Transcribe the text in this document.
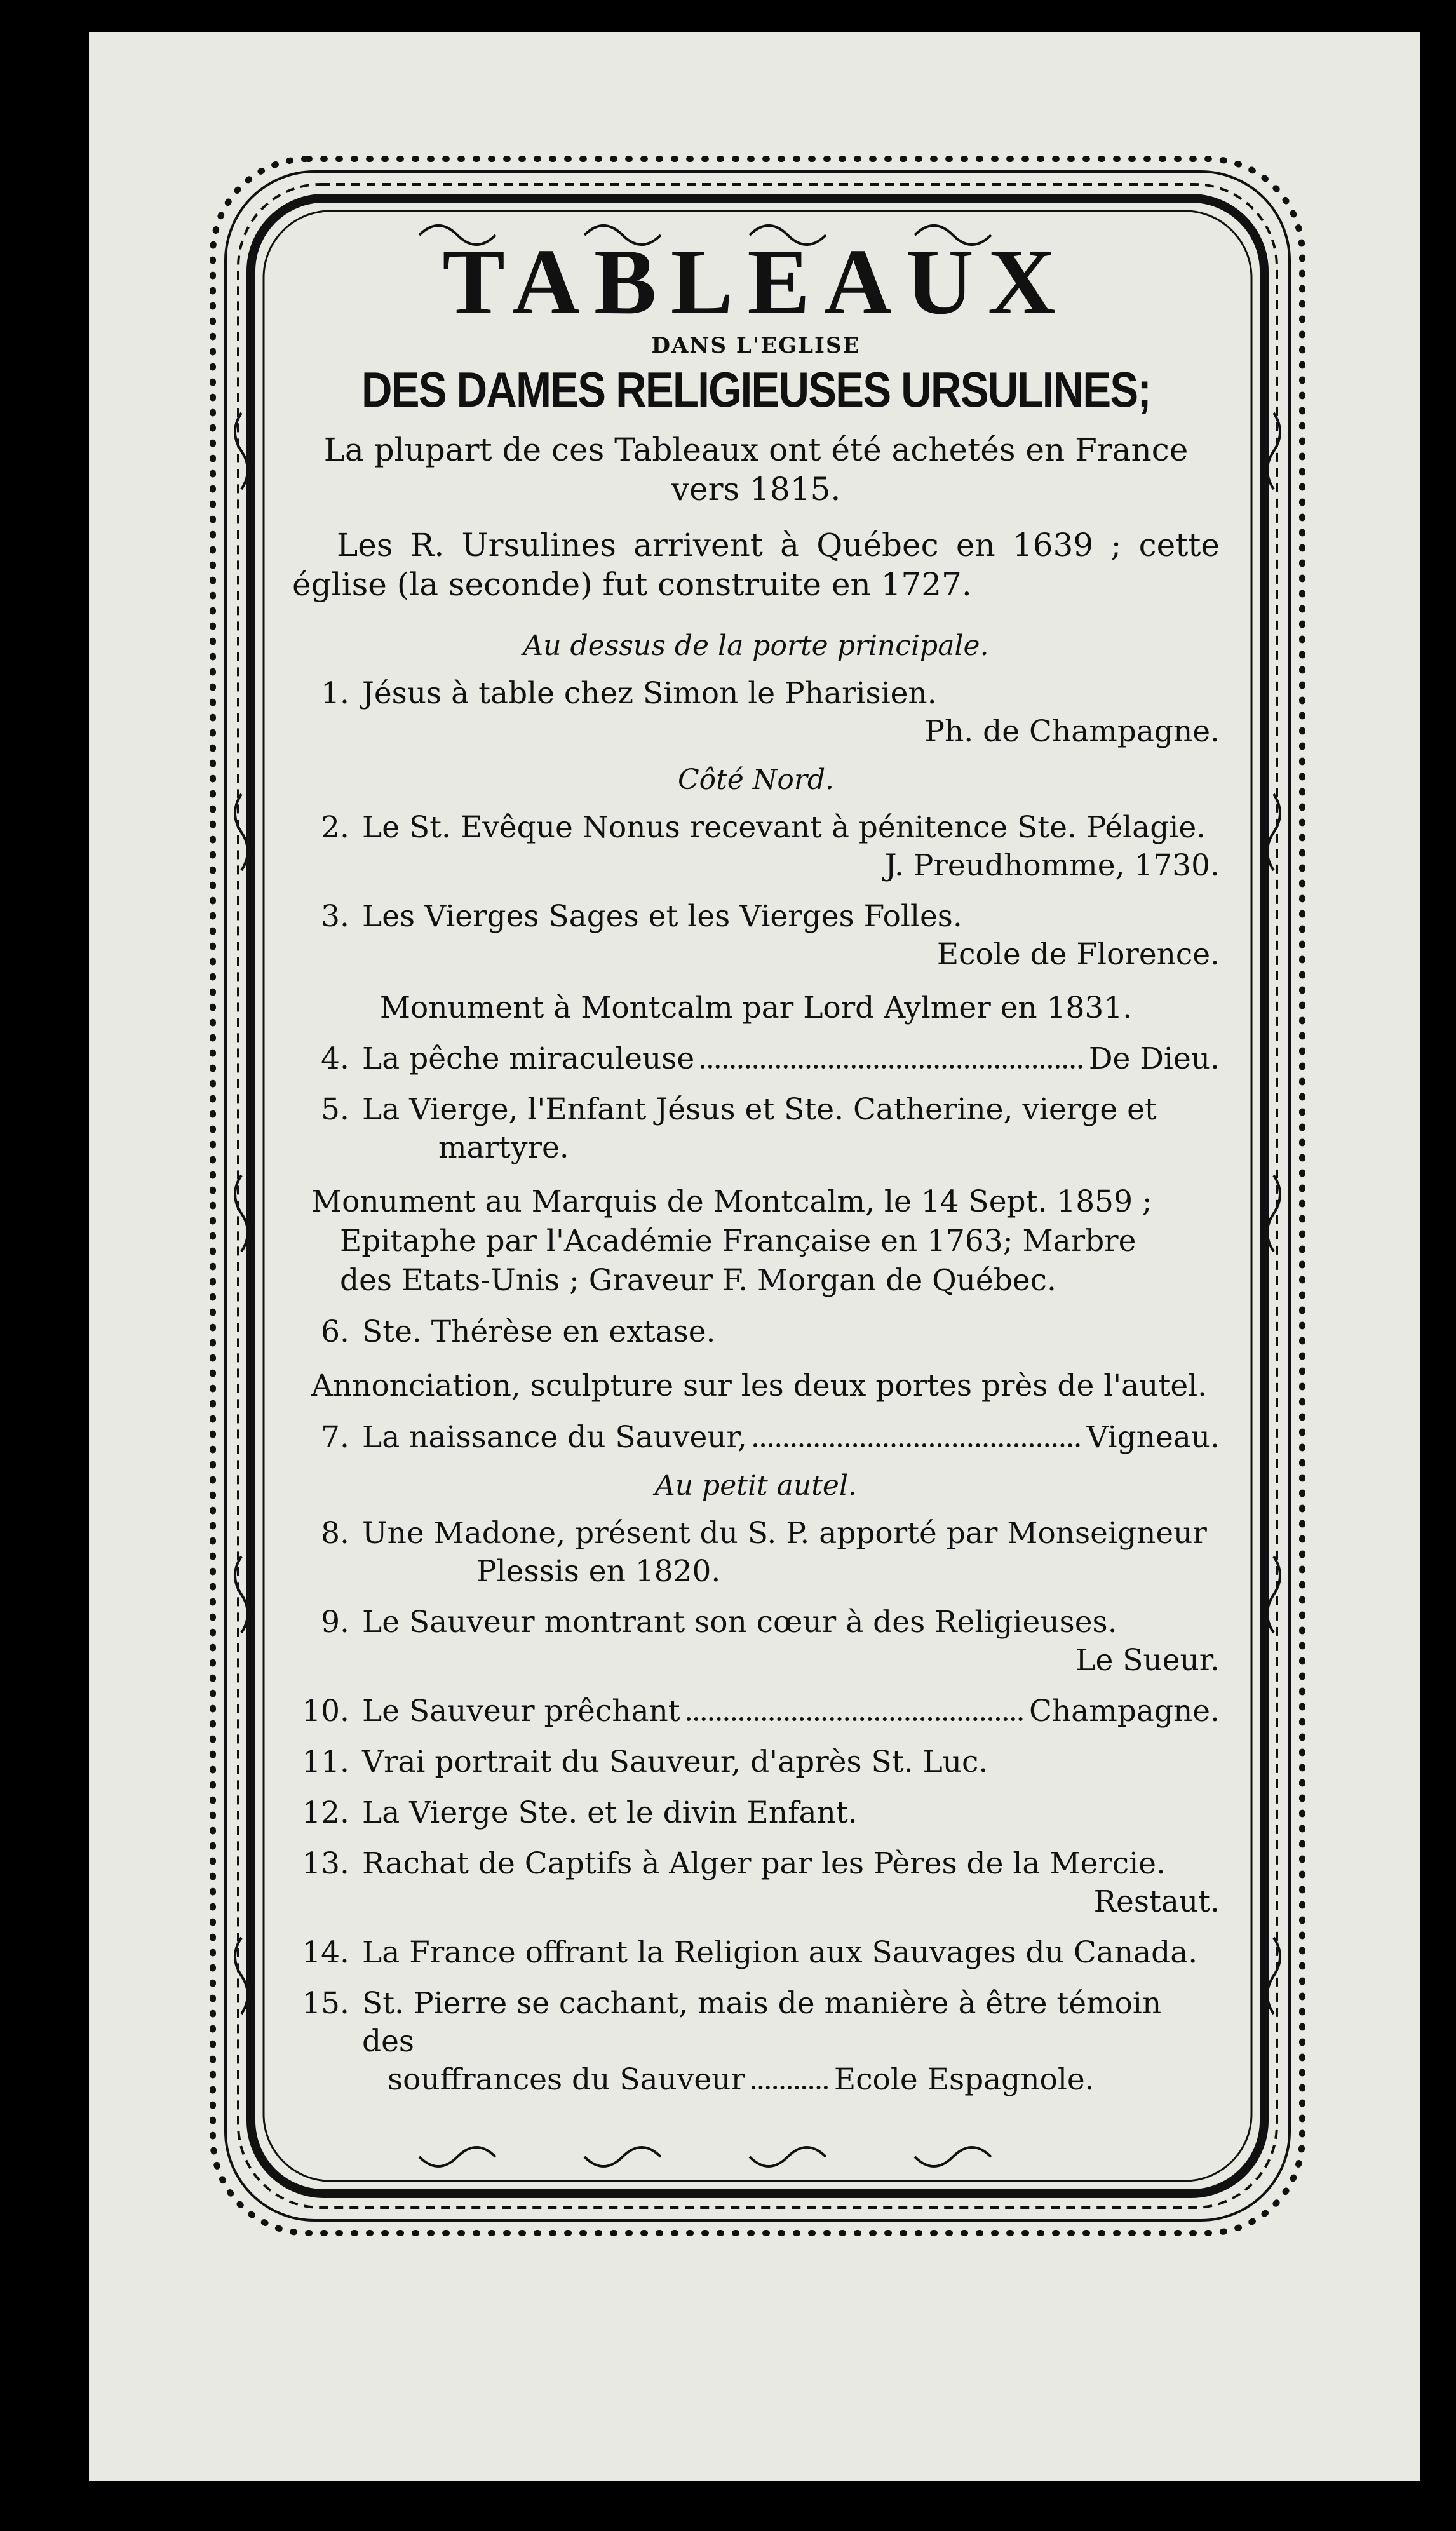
TABLEAUX
DANS L'EGLISE
DES DAMES RELIGIEUSES URSULINES;
La plupart de ces Tableaux ont été achetés en France vers 1815.
Les R. Ursulines arrivent à Québec en 1639 ; cette église (la seconde) fut construite en 1727.
Au dessus de la porte principale.
1. Jésus à table chez Simon le Pharisien.
Ph. de Champagne.
Côté Nord.
2. Le St. Evêque Nonus recevant à pénitence Ste. Pélagie.
J. Preudhomme, 1730.
3. Les Vierges Sages et les Vierges Folles.
Ecole de Florence.
Monument à Montcalm par Lord Aylmer en 1831.
4. La pêche miraculeuse	De Dieu.
5. La Vierge, l'Enfant Jésus et Ste. Catherine, vierge et
martyre.
Monument au Marquis de Montcalm, le 14 Sept. 1859 ;
Epitaphe par l'Académie Française en 1763; Marbre
des Etats-Unis ; Graveur F. Morgan de Québec.
6. Ste. Thérèse en extase.
Annonciation, sculpture sur les deux portes près de l'autel.
7. La naissance du Sauveur,	Vigneau.
Au petit autel.
8. Une Madone, présent du S. P. apporté par Monseigneur
Plessis en 1820.
9. Le Sauveur montrant son cœur à des Religieuses.
Le Sueur.
10. Le Sauveur prêchant	Champagne.
11. Vrai portrait du Sauveur, d'après St. Luc.
12. La Vierge Ste. et le divin Enfant.
13. Rachat de Captifs à Alger par les Pères de la Mercie.
Restaut.
14. La France offrant la Religion aux Sauvages du Canada.
15. St. Pierre se cachant, mais de manière à être témoin des
souffrances du Sauveur	Ecole Espagnole.
